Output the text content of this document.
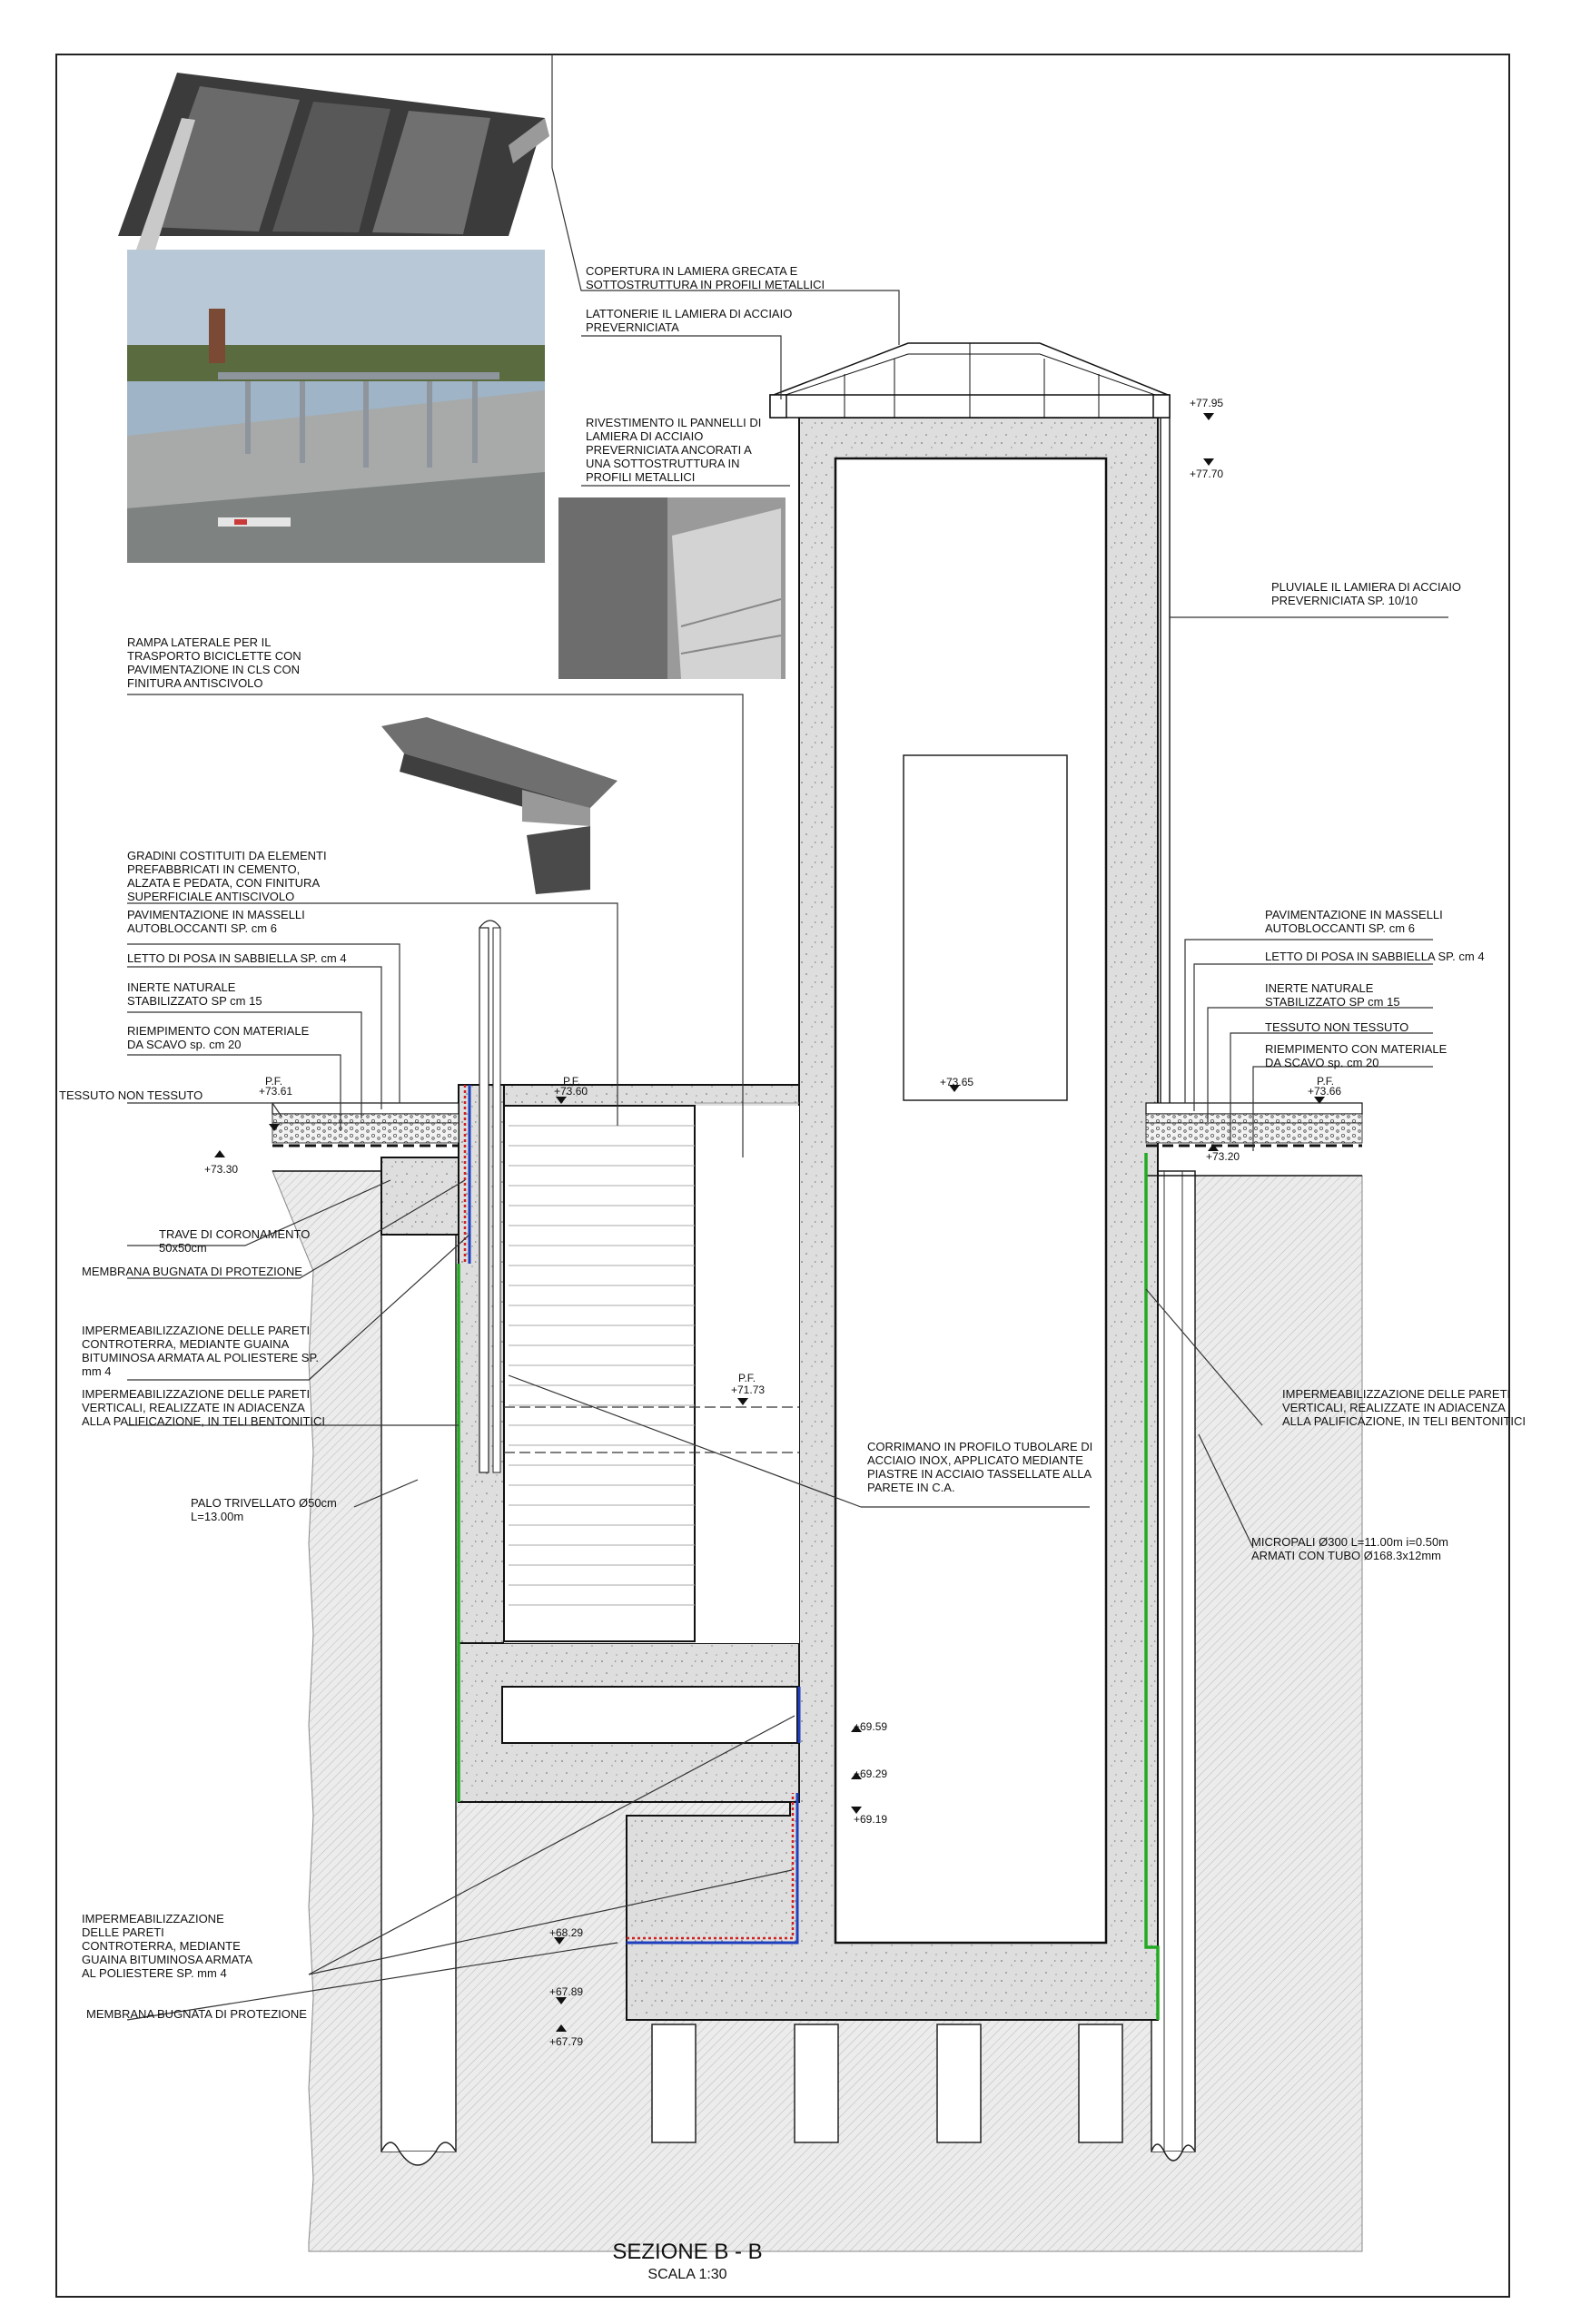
COPERTURA IN LAMIERA GRECATA E SOTTOSTRUTTURA IN PROFILI METALLICI
LATTONERIE IL LAMIERA DI ACCIAIO PREVERNICIATA
RIVESTIMENTO IL PANNELLI DI LAMIERA DI ACCIAIO PREVERNICIATA ANCORATI A UNA SOTTOSTRUTTURA IN PROFILI METALLICI
PLUVIALE IL LAMIERA DI ACCIAIO PREVERNICIATA SP. 10/10
RAMPA LATERALE PER IL TRASPORTO BICICLETTE CON PAVIMENTAZIONE IN CLS CON FINITURA ANTISCIVOLO
GRADINI COSTITUITI DA ELEMENTI PREFABBRICATI IN CEMENTO, ALZATA E PEDATA, CON FINITURA SUPERFICIALE ANTISCIVOLO
PAVIMENTAZIONE IN MASSELLI AUTOBLOCCANTI SP. cm 6
LETTO DI POSA IN SABBIELLA SP. cm 4
INERTE NATURALE STABILIZZATO SP cm 15
RIEMPIMENTO CON MATERIALE DA SCAVO sp. cm 20
TESSUTO NON TESSUTO
PAVIMENTAZIONE IN MASSELLI AUTOBLOCCANTI SP. cm 6
LETTO DI POSA IN SABBIELLA SP. cm 4
INERTE NATURALE STABILIZZATO SP cm 15
TESSUTO NON TESSUTO
RIEMPIMENTO CON MATERIALE DA SCAVO sp. cm 20
TRAVE DI CORONAMENTO 50x50cm
MEMBRANA BUGNATA DI PROTEZIONE
IMPERMEABILIZZAZIONE DELLE PARETI CONTROTERRA, MEDIANTE GUAINA BITUMINOSA ARMATA AL POLIESTERE SP. mm 4
IMPERMEABILIZZAZIONE DELLE PARETI VERTICALI, REALIZZATE IN ADIACENZA ALLA PALIFICAZIONE, IN TELI BENTONITICI
IMPERMEABILIZZAZIONE DELLE PARETI VERTICALI, REALIZZATE IN ADIACENZA ALLA PALIFICAZIONE, IN TELI BENTONITICI
CORRIMANO IN PROFILO TUBOLARE DI ACCIAIO INOX, APPLICATO MEDIANTE PIASTRE IN ACCIAIO TASSELLATE ALLA PARETE IN C.A.
PALO TRIVELLATO Ø50cm L=13.00m
MICROPALI Ø300 L=11.00m i=0.50m ARMATI CON TUBO Ø168.3x12mm
IMPERMEABILIZZAZIONE DELLE PARETI CONTROTERRA, MEDIANTE GUAINA BITUMINOSA ARMATA AL POLIESTERE SP. mm 4
MEMBRANA BUGNATA DI PROTEZIONE
+77.95
+77.70
P.F.
+73.61
P.F.
+73.60
P.F.
+73.66
+73.30
+73.20
+73.65
P.F.
+71.73
+69.59
+69.29
+69.19
+68.29
+67.89
+67.79
SEZIONE B - B
SCALA 1:30
